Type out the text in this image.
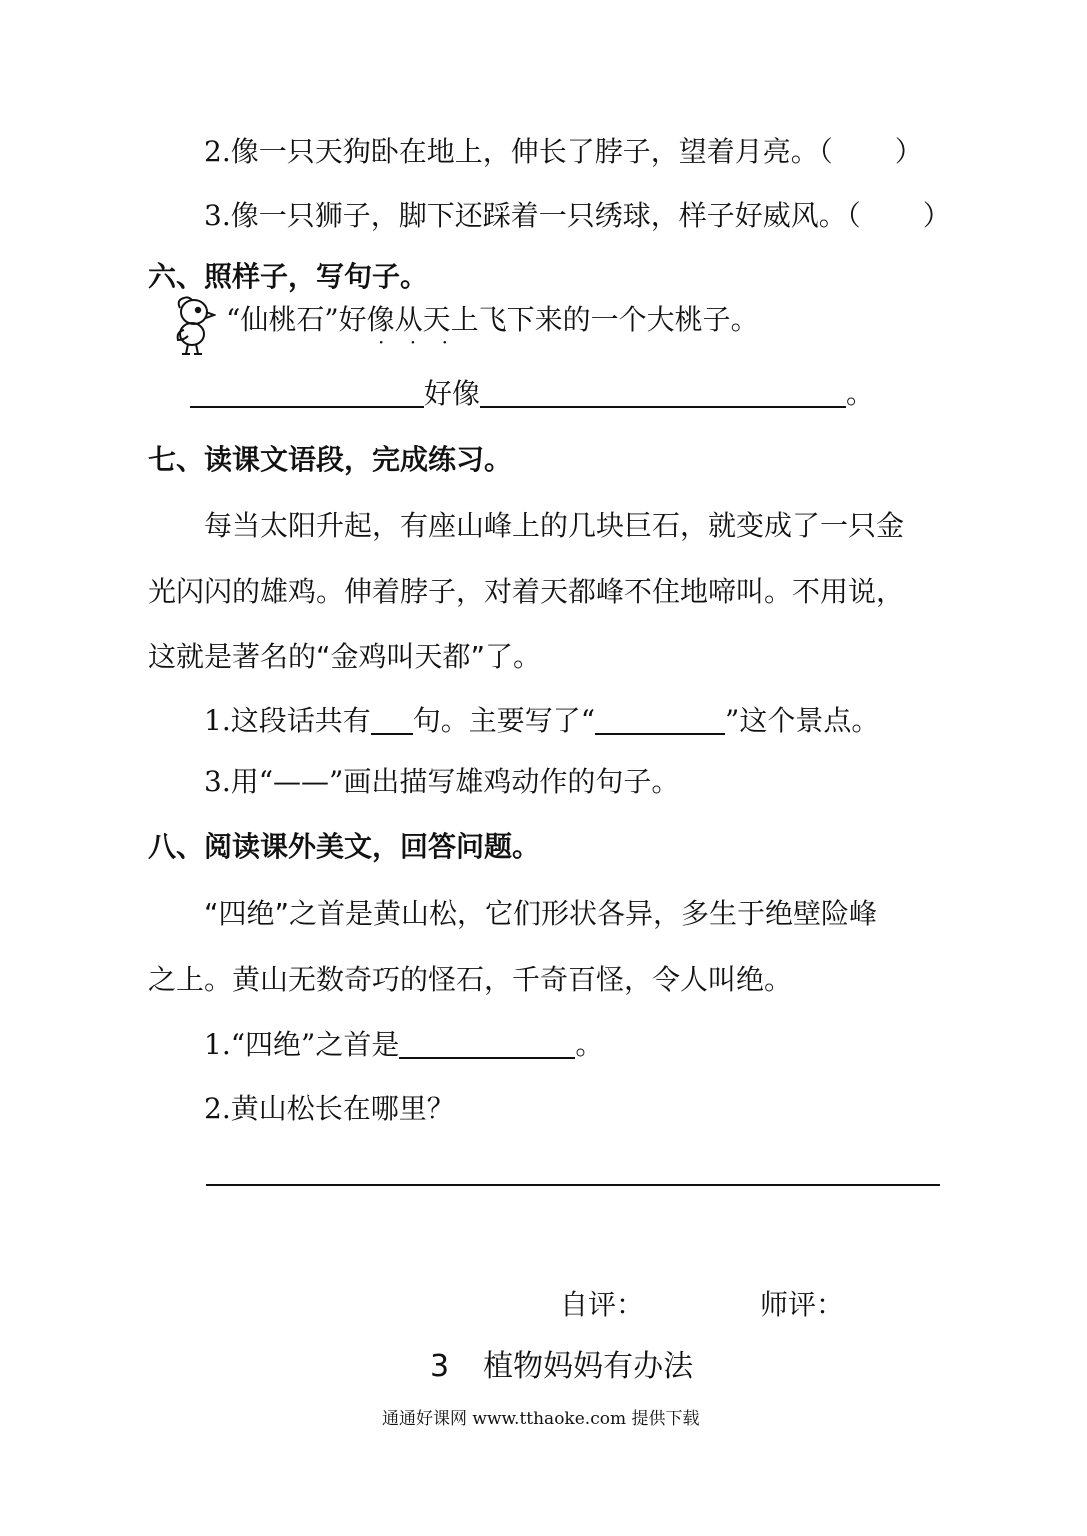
2.像一只天狗卧在地上，伸长了脖子，望着月亮。（ ）
3.像一只狮子，脚下还踩着一只绣球，样子好威风。（ ）
六、照样子，写句子。
“仙桃石”好像从天上飞下来的一个大桃子。
·    ·    ·
好像	。
七、读课文语段，完成练习。
每当太阳升起，有座山峰上的几块巨石，就变成了一只金
光闪闪的雄鸡。伸着脖子，对着天都峰不住地啼叫。不用说，
这就是著名的“金鸡叫天都”了。
1.这段话共有 句。主要写了“	”这个景点。
3.用“——”画出描写雄鸡动作的句子。
八、阅读课外美文，回答问题。
“四绝”之首是黄山松，它们形状各异，多生于绝壁险峰
之上。黄山无数奇巧的怪石，千奇百怪，令人叫绝。
1.“四绝”之首是	。
2.黄山松长在哪里？
自评：	师评：
3 植物妈妈有办法
通通好课网 www.tthaoke.com 提供下载
